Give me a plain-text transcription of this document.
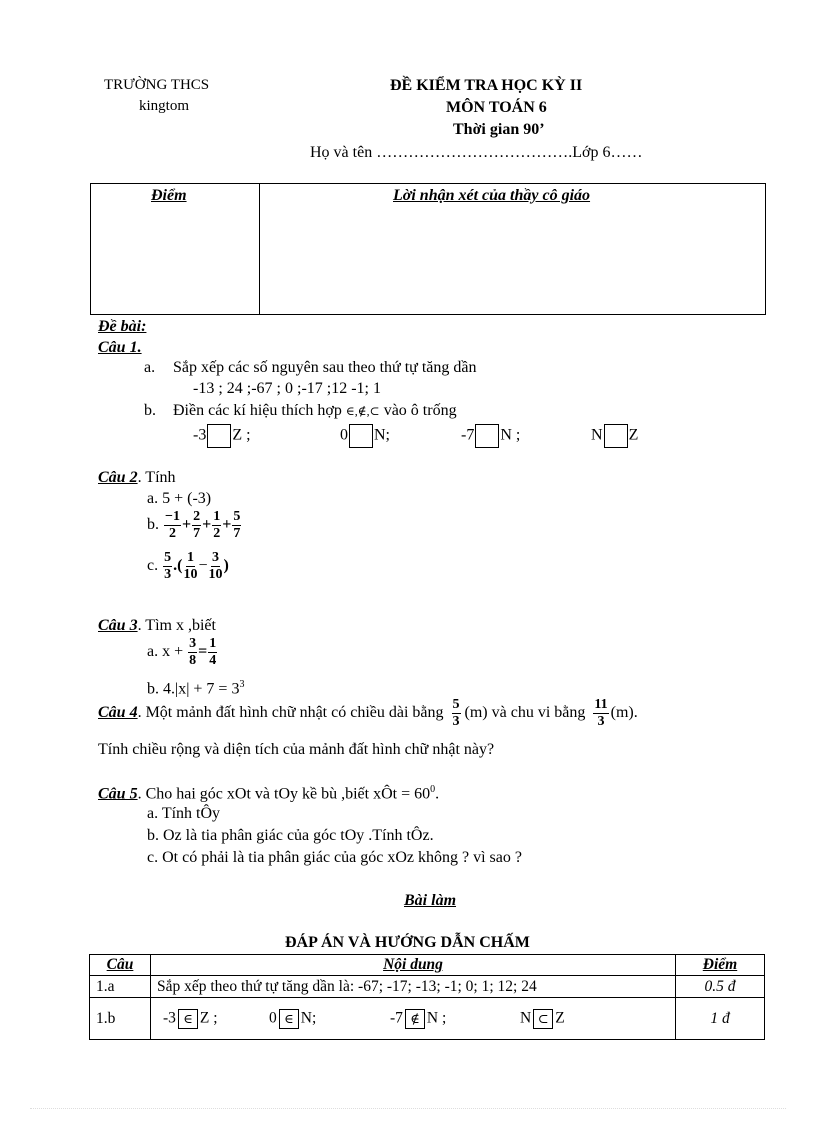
TRƯỜNG THCS
kingtom
ĐỀ KIỂM TRA HỌC KỲ II
MÔN TOÁN 6
Thời gian 90’
Họ và tên ……………………………….Lớp 6……
Điểm	Lời nhận xét của thầy cô giáo
Đề bài:
Câu 1.
a. Sắp xếp các số nguyên sau theo thứ tự tăng dần
-13 ; 24 ;-67 ; 0 ;-17 ;12 -1; 1
b. Điền các kí hiệu thích hợp ∈,∉,⊂ vào ô trống
-3 Z ;	0 N;	-7 N ;	N Z
Câu 2. Tính
a. 5 + (-3)
b. $\frac{-1}{2} + \frac{2}{7} + \frac{1}{2} + \frac{5}{7}$
c. $\frac{5}{3}$ .( $\frac{1}{10} - \frac{3}{10}$ )
Câu 3. Tìm x ,biết
a. $x + \frac{3}{8} = \frac{1}{4}$
b. $4.|x| + 7 = 3^3$
Câu 4. Một mảnh đất hình chữ nhật có chiều dài bằng $\frac{5}{3} (m)$ và chu vi bằng $\frac{11}{3} (m)$.
Tính chiều rộng và diện tích của mảnh đất hình chữ nhật này?
Câu 5. Cho hai góc xOt và tOy kề bù ,biết xÔt = $60^0$.
a. Tính tÔy
b. Oz là tia phân giác của góc tOy .Tính tÔz.
c. Ot có phải là tia phân giác của góc xOz không ? vì sao ?
Bài làm
ĐÁP ÁN VÀ HƯỚNG DẪN CHẤM
Câu	Nội dung	Điểm
1.a	Sắp xếp theo thứ tự tăng dần là: -67; -17; -13; -1; 0; 1; 12; 24	0.5 đ
1.b	-3 ∈ Z ; 0 ∈ N; -7 ∉ N ; N ⊂ Z	1 đ
